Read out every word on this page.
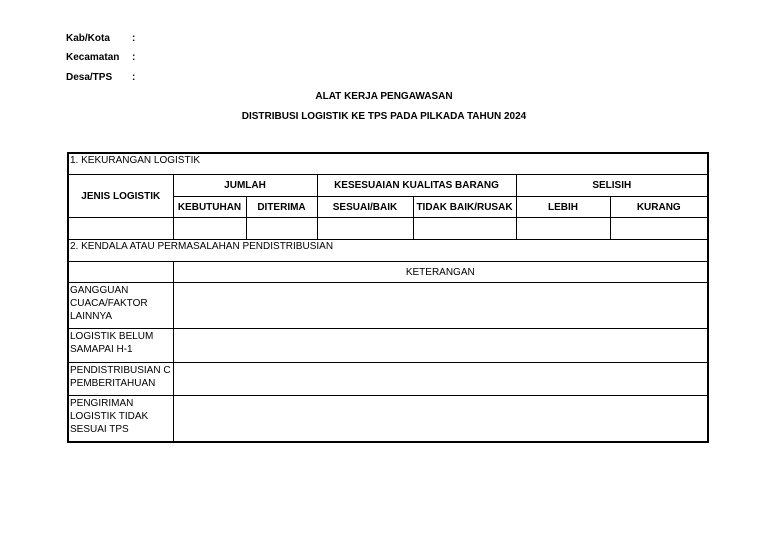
Kab/Kota :
Kecamatan :
Desa/TPS :
ALAT KERJA PENGAWASAN
DISTRIBUSI LOGISTIK KE TPS PADA PILKADA TAHUN 2024
1. KEKURANGAN LOGISTIK						
JENIS LOGISTIK	JUMLAH		KESESUAIAN KUALITAS BARANG		SELISIH	
	KEBUTUHAN	DITERIMA	SESUAI/BAIK	TIDAK BAIK/RUSAK	LEBIH	KURANG

2. KENDALA ATAU PERMASALAHAN PENDISTRIBUSIAN						
	KETERANGAN					
GANGGUAN CUACA/FAKTOR LAINNYA						
LOGISTIK BELUM SAMAPAI H-1						
PENDISTRIBUSIAN C PEMBERITAHUAN						
PENGIRIMAN LOGISTIK TIDAK SESUAI TPS						
